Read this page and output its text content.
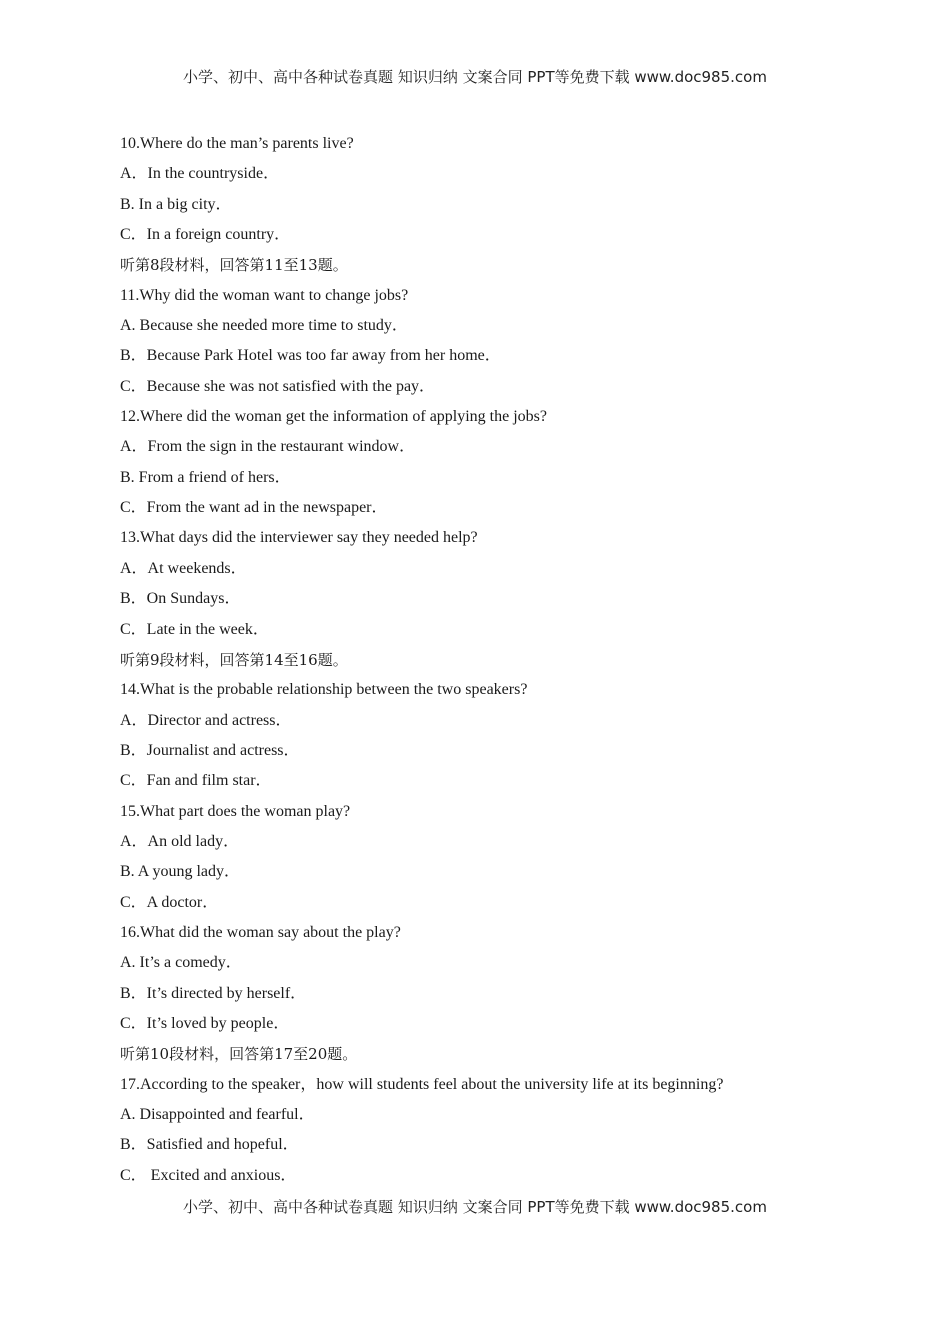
小学、初中、高中各种试卷真题 知识归纳 文案合同 PPT等免费下载 www.doc985.com
10.Where do the man’s parents live?
A．In the countryside．
B. In a big city．
C．In a foreign country．
听第8段材料，回答第11至13题。
11.Why did the woman want to change jobs?
A. Because she needed more time to study．
B．Because Park Hotel was too far away from her home．
C．Because she was not satisfied with the pay．
12.Where did the woman get the information of applying the jobs?
A．From the sign in the restaurant window．
B. From a friend of hers．
C．From the want ad in the newspaper．
13.What days did the interviewer say they needed help?
A．At weekends．
B．On Sundays．
C．Late in the week．
听第9段材料，回答第14至16题。
14.What is the probable relationship between the two speakers?
A．Director and actress．
B．Journalist and actress．
C．Fan and film star．
15.What part does the woman play?
A．An old lady．
B. A young lady．
C．A doctor．
16.What did the woman say about the play?
A. It’s a comedy．
B．It’s directed by herself．
C．It’s loved by people．
听第10段材料，回答第17至20题。
17.According to the speaker，how will students feel about the university life at its beginning?
A. Disappointed and fearful．
B．Satisfied and hopeful．
C． Excited and anxious．
小学、初中、高中各种试卷真题 知识归纳 文案合同 PPT等免费下载 www.doc985.com
